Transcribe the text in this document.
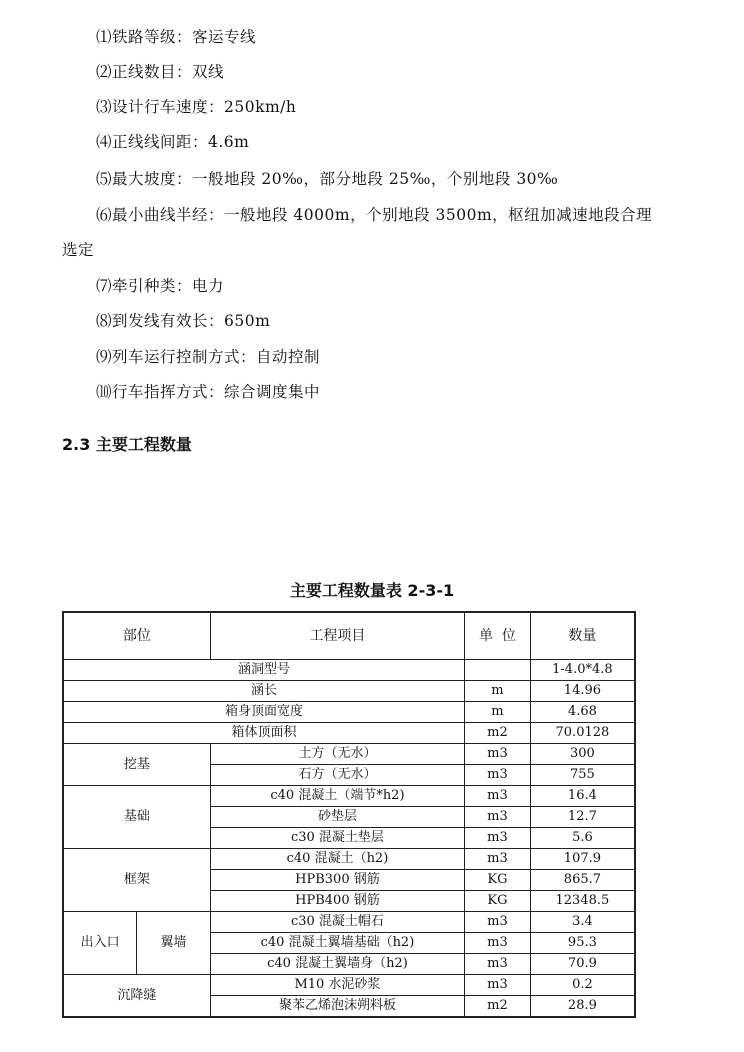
⑴铁路等级：客运专线
⑵正线数目：双线
⑶设计行车速度：250km/h
⑷正线线间距：4.6m
⑸最大坡度：一般地段 20‰，部分地段 25‰，个别地段 30‰
⑹最小曲线半经：一般地段 4000m，个别地段 3500m，枢纽加减速地段合理
选定
⑺牵引种类：电力
⑻到发线有效长：650m
⑼列车运行控制方式：自动控制
⑽行车指挥方式：综合调度集中
2.3 主要工程数量
主要工程数量表 2-3-1
部位		工程项目	单  位	数量
涵洞型号				1-4.0*4.8
涵长			m	14.96
箱身顶面宽度			m	4.68
箱体顶面积			m2	70.0128
挖基		土方（无水）	m3	300
		石方（无水）	m3	755
基础		c40 混凝土（端节*h2)	m3	16.4
		砂垫层	m3	12.7
		c30 混凝土垫层	m3	5.6
框架		c40 混凝土（h2)	m3	107.9
		HPB300 钢筋	KG	865.7
		HPB400 钢筋	KG	12348.5
出入口	翼墙	c30 混凝土帽石	m3	3.4
		c40 混凝土翼墙基础（h2)	m3	95.3
		c40 混凝土翼墙身（h2)	m3	70.9
沉降缝		M10 水泥砂浆	m3	0.2
		聚苯乙烯泡沫朔料板	m2	28.9
